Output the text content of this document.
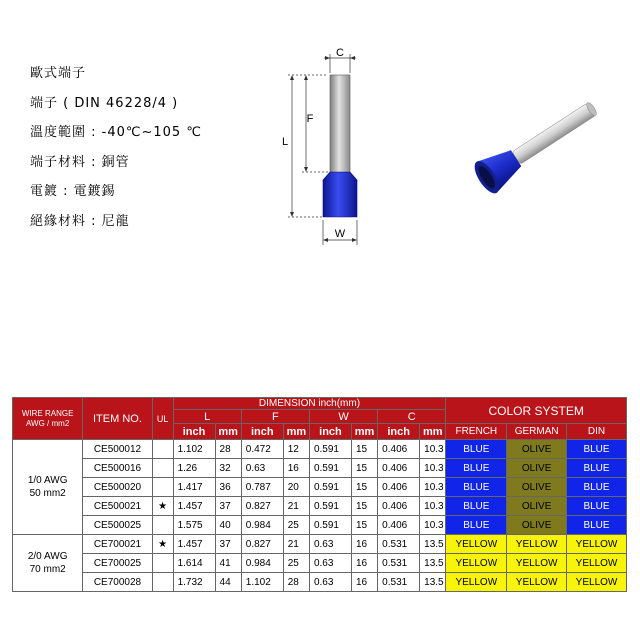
歐式端子
端子 ( DIN 46228/4 )
溫度範圍 : -40℃~105 ℃
端子材料 : 銅管
電鍍 : 電鍍錫
絕緣材料 : 尼龍
C
L
F
W
WIRE RANGE
AWG / mm2	ITEM NO.	UL	DIMENSION inch(mm)								COLOR SYSTEM		
			L		F		W		C				
			inch	mm	inch	mm	inch	mm	inch	mm	FRENCH	GERMAN	DIN
1/0 AWG
50 mm2	CE500012		1.102	28	0.472	12	0.591	15	0.406	10.3	BLUE	OLIVE	BLUE
	CE500016		1.26	32	0.63	16	0.591	15	0.406	10.3	BLUE	OLIVE	BLUE
	CE500020		1.417	36	0.787	20	0.591	15	0.406	10.3	BLUE	OLIVE	BLUE
	CE500021	★	1.457	37	0.827	21	0.591	15	0.406	10.3	BLUE	OLIVE	BLUE
	CE500025		1.575	40	0.984	25	0.591	15	0.406	10.3	BLUE	OLIVE	BLUE
2/0 AWG
70 mm2	CE700021	★	1.457	37	0.827	21	0.63	16	0.531	13.5	YELLOW	YELLOW	YELLOW
	CE700025		1.614	41	0.984	25	0.63	16	0.531	13.5	YELLOW	YELLOW	YELLOW
	CE700028		1.732	44	1.102	28	0.63	16	0.531	13.5	YELLOW	YELLOW	YELLOW
